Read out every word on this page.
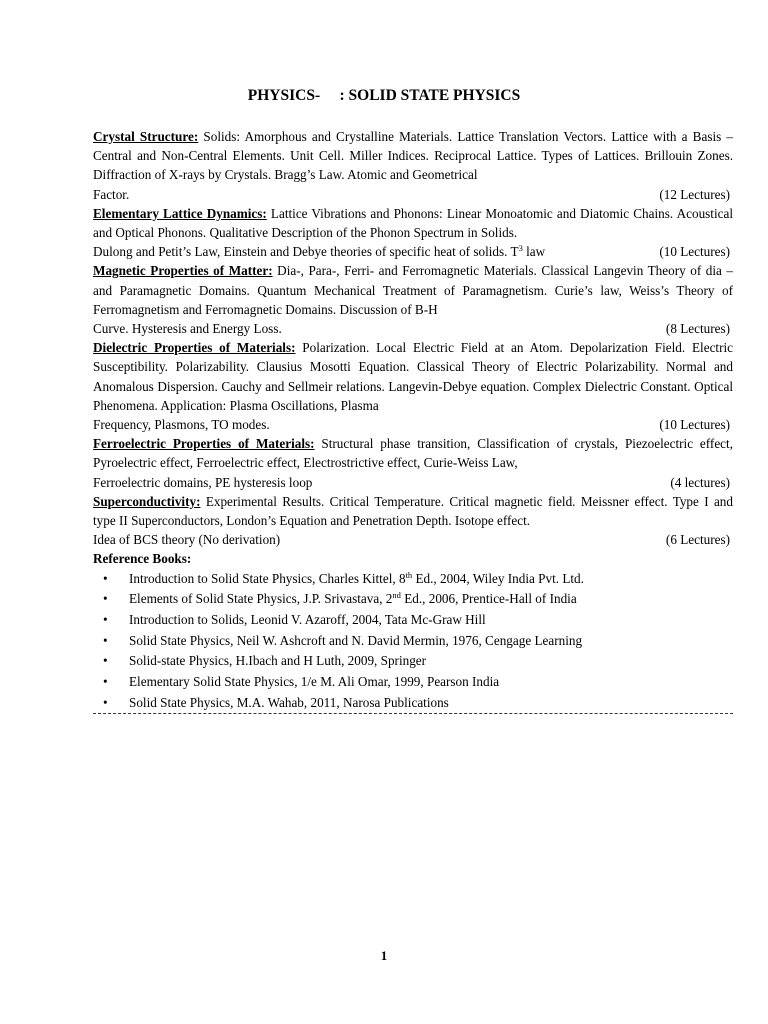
PHYSICS-     : SOLID STATE PHYSICS
Crystal Structure: Solids: Amorphous and Crystalline Materials. Lattice Translation Vectors. Lattice with a Basis – Central and Non-Central Elements. Unit Cell. Miller Indices. Reciprocal Lattice. Types of Lattices. Brillouin Zones. Diffraction of X-rays by Crystals. Bragg’s Law. Atomic and Geometrical
Factor.	(12 Lectures)
Elementary Lattice Dynamics: Lattice Vibrations and Phonons: Linear Monoatomic and Diatomic Chains. Acoustical and Optical Phonons. Qualitative Description of the Phonon Spectrum in Solids.
Dulong and Petit’s Law, Einstein and Debye theories of specific heat of solids. $T^3$ law	(10 Lectures)
Magnetic Properties of Matter: Dia-, Para-, Ferri- and Ferromagnetic Materials. Classical Langevin Theory of dia – and Paramagnetic Domains. Quantum Mechanical Treatment of Paramagnetism. Curie’s law, Weiss’s Theory of Ferromagnetism and Ferromagnetic Domains. Discussion of B-H
Curve. Hysteresis and Energy Loss.	(8 Lectures)
Dielectric Properties of Materials: Polarization. Local Electric Field at an Atom. Depolarization Field. Electric Susceptibility. Polarizability. Clausius Mosotti Equation. Classical Theory of Electric Polarizability. Normal and Anomalous Dispersion. Cauchy and Sellmeir relations. Langevin-Debye equation. Complex Dielectric Constant. Optical Phenomena. Application: Plasma Oscillations, Plasma
Frequency, Plasmons, TO modes.	(10 Lectures)
Ferroelectric Properties of Materials: Structural phase transition, Classification of crystals, Piezoelectric effect, Pyroelectric effect, Ferroelectric effect, Electrostrictive effect, Curie-Weiss Law,
Ferroelectric domains, PE hysteresis loop	(4 lectures)
Superconductivity: Experimental Results. Critical Temperature. Critical magnetic field. Meissner effect. Type I and type II Superconductors, London’s Equation and Penetration Depth. Isotope effect.
Idea of BCS theory (No derivation)	(6 Lectures)
Reference Books:
• Introduction to Solid State Physics, Charles Kittel, 8th Ed., 2004, Wiley India Pvt. Ltd.
• Elements of Solid State Physics, J.P. Srivastava, 2nd Ed., 2006, Prentice-Hall of India
• Introduction to Solids, Leonid V. Azaroff, 2004, Tata Mc-Graw Hill
• Solid State Physics, Neil W. Ashcroft and N. David Mermin, 1976, Cengage Learning
• Solid-state Physics, H.Ibach and H Luth, 2009, Springer
• Elementary Solid State Physics, 1/e M. Ali Omar, 1999, Pearson India
• Solid State Physics, M.A. Wahab, 2011, Narosa Publications
1
